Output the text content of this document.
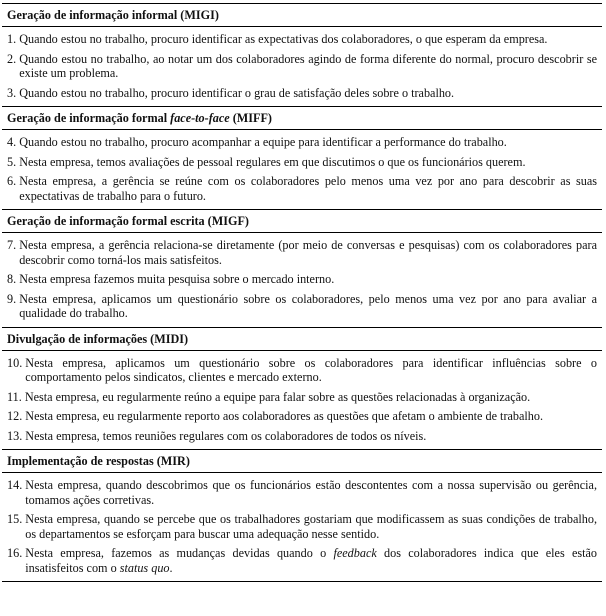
Geração de informação informal (MIGI)
1. Quando estou no trabalho, procuro identificar as expectativas dos colaboradores, o que esperam da empresa.
2. Quando estou no trabalho, ao notar um dos colaboradores agindo de forma diferente do normal, procuro descobrir se existe um problema.
3. Quando estou no trabalho, procuro identificar o grau de satisfação deles sobre o trabalho.
Geração de informação formal face-to-face (MIFF)
4. Quando estou no trabalho, procuro acompanhar a equipe para identificar a performance do trabalho.
5. Nesta empresa, temos avaliações de pessoal regulares em que discutimos o que os funcionários querem.
6. Nesta empresa, a gerência se reúne com os colaboradores pelo menos uma vez por ano para descobrir as suas expectativas de trabalho para o futuro.
Geração de informação formal escrita (MIGF)
7. Nesta empresa, a gerência relaciona-se diretamente (por meio de conversas e pesquisas) com os colaboradores para descobrir como torná-los mais satisfeitos.
8. Nesta empresa fazemos muita pesquisa sobre o mercado interno.
9. Nesta empresa, aplicamos um questionário sobre os colaboradores, pelo menos uma vez por ano para avaliar a qualidade do trabalho.
Divulgação de informações (MIDI)
10. Nesta empresa, aplicamos um questionário sobre os colaboradores para identificar influências sobre o comportamento pelos sindicatos, clientes e mercado externo.
11. Nesta empresa, eu regularmente reúno a equipe para falar sobre as questões relacionadas à organização.
12. Nesta empresa, eu regularmente reporto aos colaboradores as questões que afetam o ambiente de trabalho.
13. Nesta empresa, temos reuniões regulares com os colaboradores de todos os níveis.
Implementação de respostas (MIR)
14. Nesta empresa, quando descobrimos que os funcionários estão descontentes com a nossa supervisão ou gerência, tomamos ações corretivas.
15. Nesta empresa, quando se percebe que os trabalhadores gostariam que modificassem as suas condições de trabalho, os departamentos se esforçam para buscar uma adequação nesse sentido.
16. Nesta empresa, fazemos as mudanças devidas quando o feedback dos colaboradores indica que eles estão insatisfeitos com o status quo.
